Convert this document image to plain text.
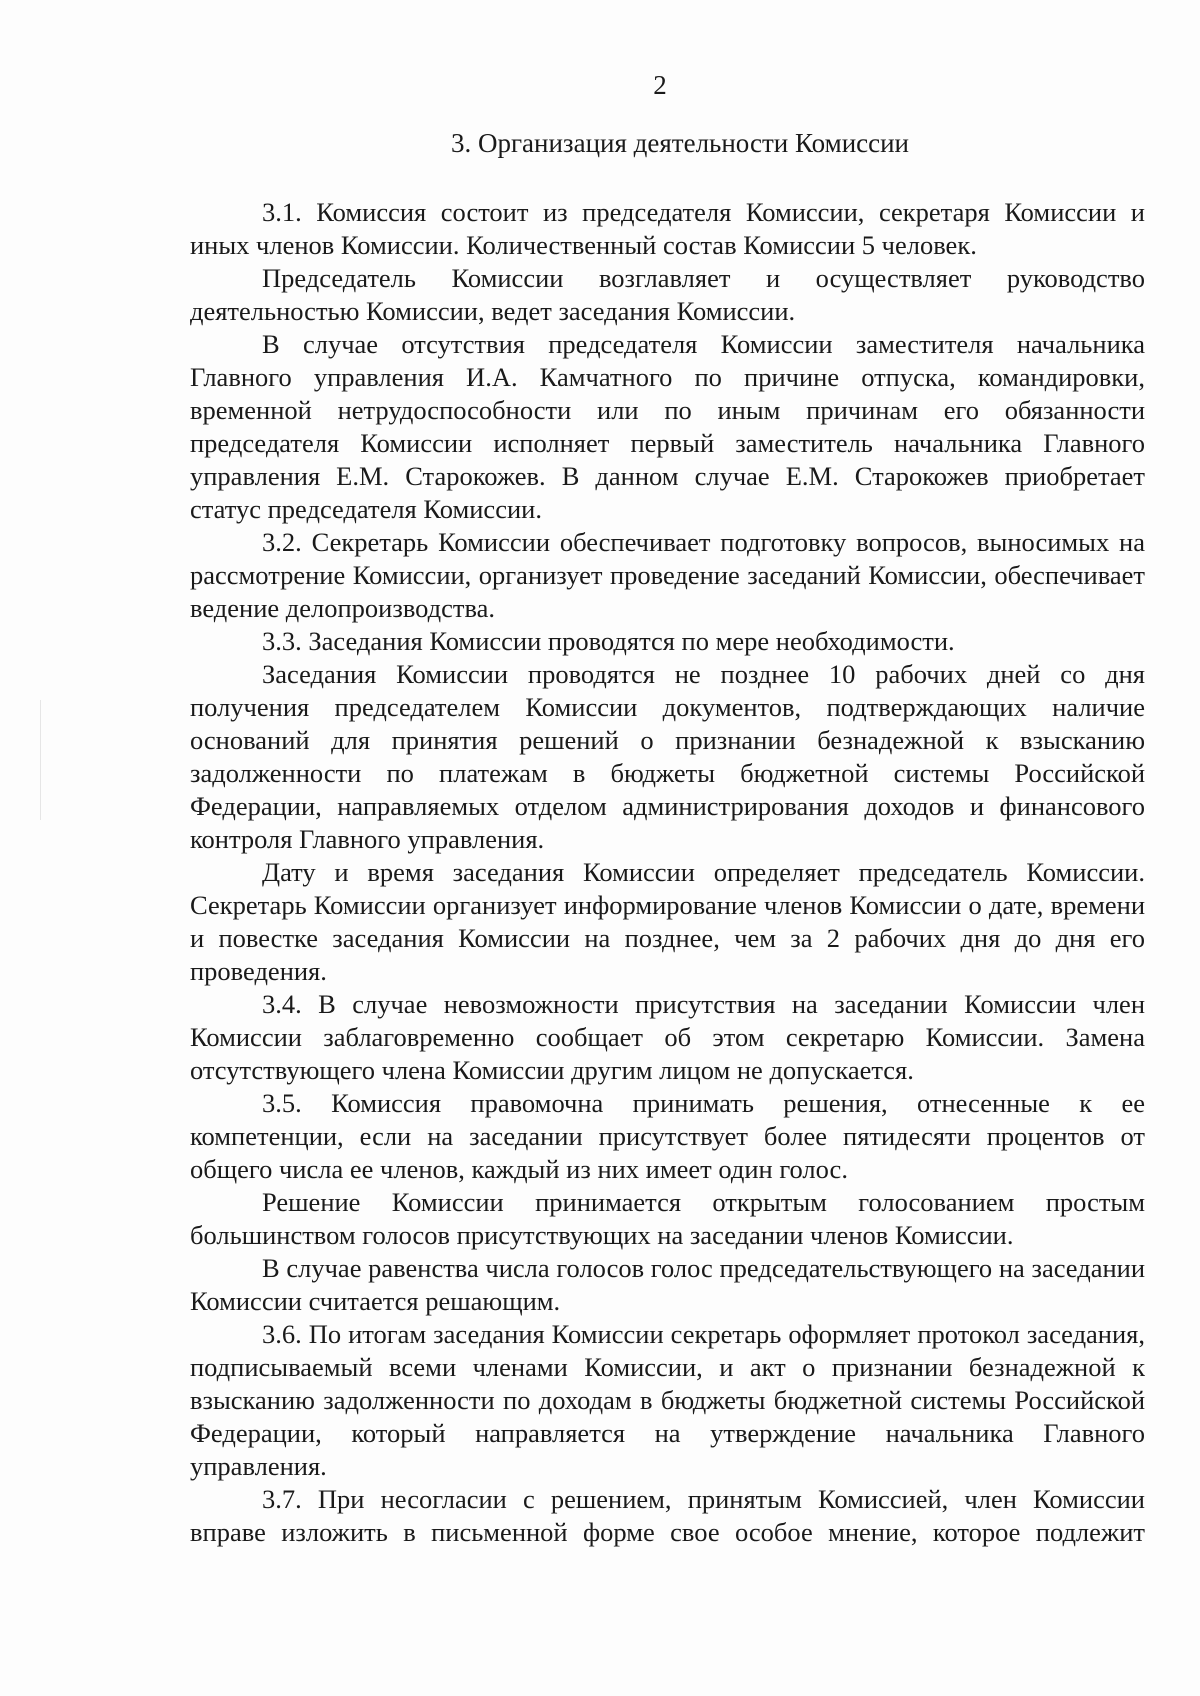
2
3. Организация деятельности Комиссии

3.1. Комиссия состоит из председателя Комиссии, секретаря Комиссии и иных членов Комиссии. Количественный состав Комиссии 5 человек.

Председатель Комиссии возглавляет и осуществляет руководство деятельностью Комиссии, ведет заседания Комиссии.

В случае отсутствия председателя Комиссии заместителя начальника Главного управления И.А. Камчатного по причине отпуска, командировки, временной нетрудоспособности или по иным причинам его обязанности председателя Комиссии исполняет первый заместитель начальника Главного управления Е.М. Старокожев. В данном случае Е.М. Старокожев приобретает статус председателя Комиссии.

3.2. Секретарь Комиссии обеспечивает подготовку вопросов, выносимых на рассмотрение Комиссии, организует проведение заседаний Комиссии, обеспечивает ведение делопроизводства.

3.3. Заседания Комиссии проводятся по мере необходимости.

Заседания Комиссии проводятся не позднее 10 рабочих дней со дня получения председателем Комиссии документов, подтверждающих наличие оснований для принятия решений о признании безнадежной к взысканию задолженности по платежам в бюджеты бюджетной системы Российской Федерации, направляемых отделом администрирования доходов и финансового контроля Главного управления.

Дату и время заседания Комиссии определяет председатель Комиссии. Секретарь Комиссии организует информирование членов Комиссии о дате, времени и повестке заседания Комиссии на позднее, чем за 2 рабочих дня до дня его проведения.

3.4. В случае невозможности присутствия на заседании Комиссии член Комиссии заблаговременно сообщает об этом секретарю Комиссии. Замена отсутствующего члена Комиссии другим лицом не допускается.

3.5. Комиссия правомочна принимать решения, отнесенные к ее компетенции, если на заседании присутствует более пятидесяти процентов от общего числа ее членов, каждый из них имеет один голос.

Решение Комиссии принимается открытым голосованием простым большинством голосов присутствующих на заседании членов Комиссии.

В случае равенства числа голосов голос председательствующего на заседании Комиссии считается решающим.

3.6. По итогам заседания Комиссии секретарь оформляет протокол заседания, подписываемый всеми членами Комиссии, и акт о признании безнадежной к взысканию задолженности по доходам в бюджеты бюджетной системы Российской Федерации, который направляется на утверждение начальника Главного управления.

3.7. При несогласии с решением, принятым Комиссией, член Комиссии вправе изложить в письменной форме свое особое мнение, которое подлежит
